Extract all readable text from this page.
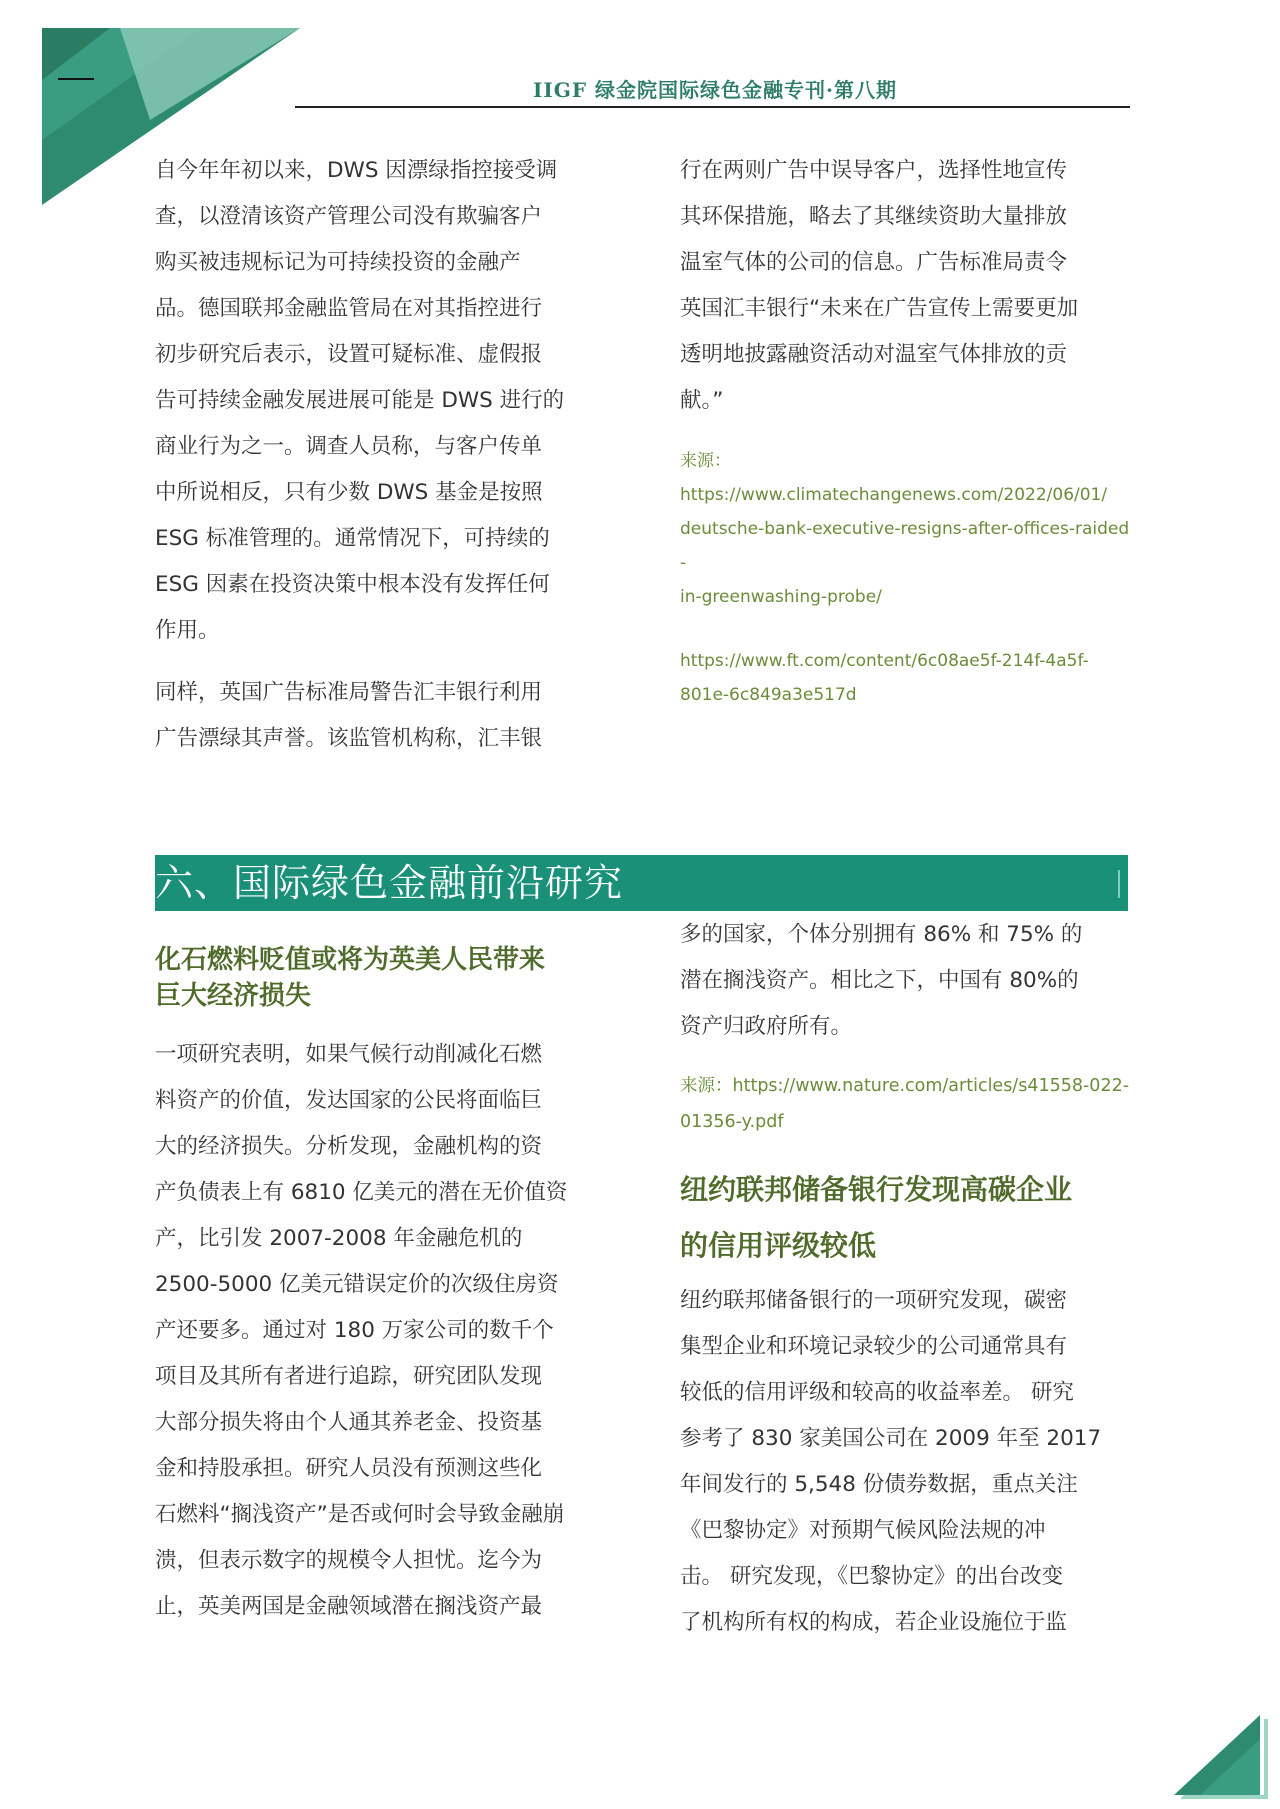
IIGF 绿金院国际绿色金融专刊·第八期

自今年年初以来，DWS 因漂绿指控接受调
查，以澄清该资产管理公司没有欺骗客户
购买被违规标记为可持续投资的金融产
品。德国联邦金融监管局在对其指控进行
初步研究后表示，设置可疑标准、虚假报
告可持续金融发展进展可能是 DWS 进行的
商业行为之一。调查人员称，与客户传单
中所说相反，只有少数 DWS 基金是按照
ESG 标准管理的。通常情况下，可持续的
ESG 因素在投资决策中根本没有发挥任何
作用。

同样，英国广告标准局警告汇丰银行利用
广告漂绿其声誉。该监管机构称，汇丰银

行在两则广告中误导客户，选择性地宣传
其环保措施，略去了其继续资助大量排放
温室气体的公司的信息。广告标准局责令
英国汇丰银行“未来在广告宣传上需要更加
透明地披露融资活动对温室气体排放的贡
献。”

来源：

https://www.climatechangenews.com/2022/06/01/
deutsche-bank-executive-resigns-after-offices-raided-
in-greenwashing-probe/

https://www.ft.com/content/6c08ae5f-214f-4a5f-
801e-6c849a3e517d

六、国际绿色金融前沿研究
化石燃料贬值或将为英美人民带来
巨大经济损失

一项研究表明，如果气候行动削减化石燃
料资产的价值，发达国家的公民将面临巨
大的经济损失。分析发现，金融机构的资
产负债表上有 6810 亿美元的潜在无价值资
产，比引发 2007-2008 年金融危机的
2500-5000 亿美元错误定价的次级住房资
产还要多。通过对 180 万家公司的数千个
项目及其所有者进行追踪，研究团队发现
大部分损失将由个人通其养老金、投资基
金和持股承担。研究人员没有预测这些化
石燃料“搁浅资产”是否或何时会导致金融崩
溃，但表示数字的规模令人担忧。迄今为
止，英美两国是金融领域潜在搁浅资产最

多的国家，个体分别拥有 86% 和 75% 的
潜在搁浅资产。相比之下，中国有 80%的
资产归政府所有。

来源：https://www.nature.com/articles/s41558-022-
01356-y.pdf

纽约联邦储备银行发现高碳企业
的信用评级较低

纽约联邦储备银行的一项研究发现，碳密
集型企业和环境记录较少的公司通常具有
较低的信用评级和较高的收益率差。 研究
参考了 830 家美国公司在 2009 年至 2017
年间发行的 5,548 份债券数据，重点关注
《巴黎协定》对预期气候风险法规的冲
击。 研究发现，《巴黎协定》的出台改变
了机构所有权的构成，若企业设施位于监
